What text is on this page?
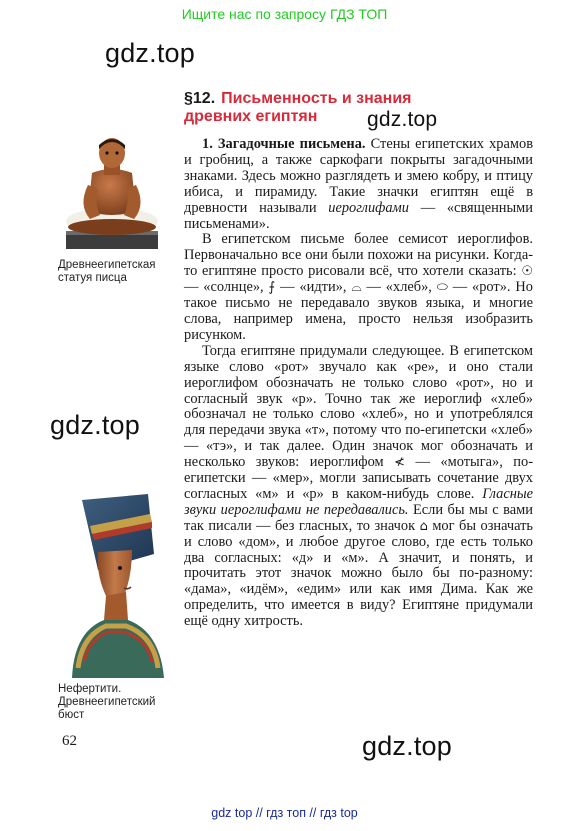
Ищите нас по запросу ГДЗ ТОП
gdz.top
gdz.top
gdz.top
gdz.top
Древнеегипетская
статуя писца
Нефертити.
Древнеегипетский
бюст
§12. Письменность и знания
древних египтян

1. Загадочные письмена. Стены египетских храмов и гробниц, а также саркофаги покрыты загадочными знаками. Здесь можно разглядеть и змею кобру, и птицу ибиса, и пирамиду. Такие значки египтян ещё в древности называли иероглифами — «священными письменами».

В египетском письме более семисот иероглифов. Первоначально все они были похожи на рисунки. Когда-то египтяне просто рисовали всё, что хотели сказать: ☉ — «солнце», ⨍ — «идти», ⌓ — «хлеб», ⬭ — «рот». Но такое письмо не передавало звуков языка, и многие слова, например имена, просто нельзя изобразить рисунком.

Тогда египтяне придумали следующее. В египетском языке слово «рот» звучало как «ре», и оно стали иероглифом обозначать не только слово «рот», но и согласный звук «р». Точно так же иероглиф «хлеб» обозначал не только слово «хлеб», но и употреблялся для передачи звука «т», потому что по-египетски «хлеб» — «тэ», и так далее. Один значок мог обозначать и несколько звуков: иероглифом ≮ — «мотыга», по-египетски — «мер», могли записывать сочетание двух согласных «м» и «р» в каком-нибудь слове. Гласные звуки иероглифами не передавались. Если бы мы с вами так писали — без гласных, то значок ⌂ мог бы означать и слово «дом», и любое другое слово, где есть только два согласных: «д» и «м». А значит, и понять, и прочитать этот значок можно было бы по-разному: «дама», «идём», «едим» или как имя Дима. Как же определить, что имеется в виду? Египтяне придумали ещё одну хитрость.

62
gdz top // гдз топ // гдз top
